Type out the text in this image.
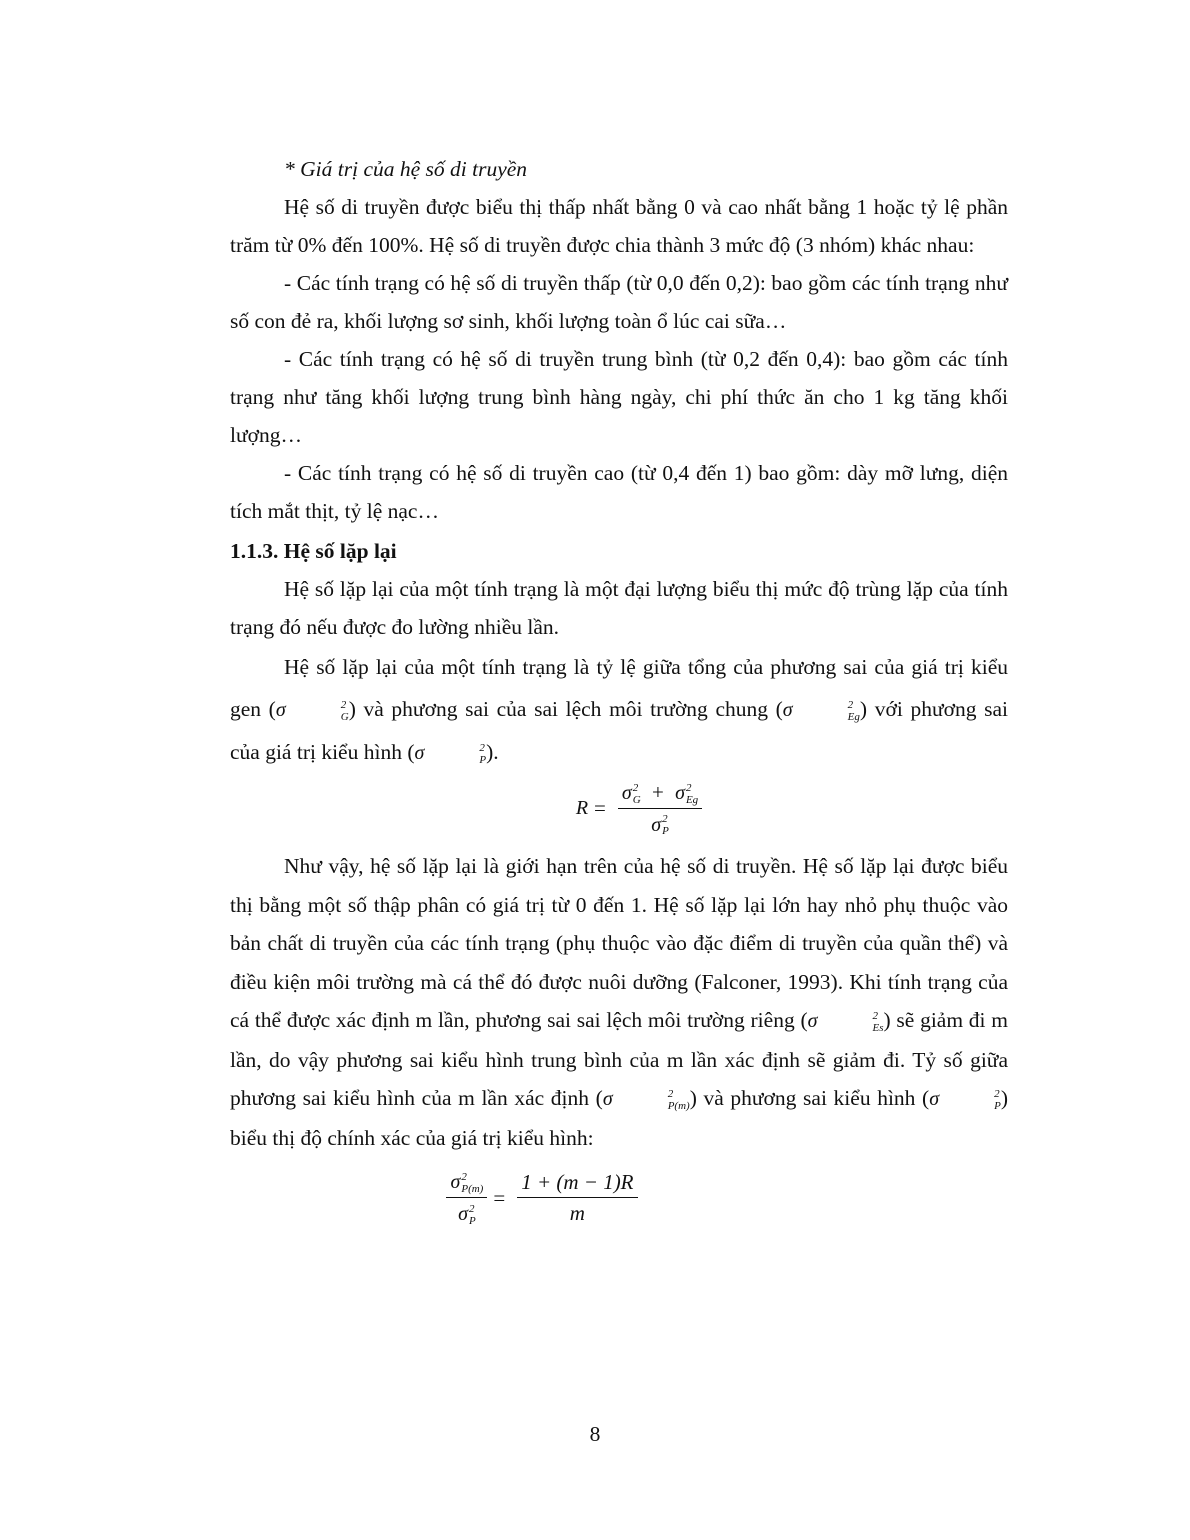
* Giá trị của hệ số di truyền

Hệ số di truyền được biểu thị thấp nhất bằng 0 và cao nhất bằng 1 hoặc tỷ lệ phần trăm từ 0% đến 100%. Hệ số di truyền được chia thành 3 mức độ (3 nhóm) khác nhau:

- Các tính trạng có hệ số di truyền thấp (từ 0,0 đến 0,2): bao gồm các tính trạng như số con đẻ ra, khối lượng sơ sinh, khối lượng toàn ổ lúc cai sữa…

- Các tính trạng có hệ số di truyền trung bình (từ 0,2 đến 0,4): bao gồm các tính trạng như tăng khối lượng trung bình hàng ngày, chi phí thức ăn cho 1 kg tăng khối lượng…

- Các tính trạng có hệ số di truyền cao (từ 0,4 đến 1) bao gồm: dày mỡ lưng, diện tích mắt thịt, tỷ lệ nạc…

1.1.3. Hệ số lặp lại

Hệ số lặp lại của một tính trạng là một đại lượng biểu thị mức độ trùng lặp của tính trạng đó nếu được đo lường nhiều lần.

Hệ số lặp lại của một tính trạng là tỷ lệ giữa tổng của phương sai của giá trị kiểu gen (σ	2
G ) và phương sai của sai lệch môi trường chung (σ	2
Eg ) với phương sai của giá trị kiểu hình (σ	2
P ).

R = σ 2
G + σ 2
Eg
σ 2
P

Như vậy, hệ số lặp lại là giới hạn trên của hệ số di truyền. Hệ số lặp lại được biểu thị bằng một số thập phân có giá trị từ 0 đến 1. Hệ số lặp lại lớn hay nhỏ phụ thuộc vào bản chất di truyền của các tính trạng (phụ thuộc vào đặc điểm di truyền của quần thể) và điều kiện môi trường mà cá thể đó được nuôi dưỡng (Falconer, 1993). Khi tính trạng của cá thể được xác định m lần, phương sai sai lệch môi trường riêng (σ	2
Es ) sẽ giảm đi m lần, do vậy phương sai kiểu hình trung bình của m lần xác định sẽ giảm đi. Tỷ số giữa phương sai kiểu hình của m lần xác định (σ	2
P(m) ) và phương sai kiểu hình (σ	2
P ) biểu thị độ chính xác của giá trị kiểu hình:

σ 2
P(m)
σ 2
$P = \frac{1 + (m - 1)R}{m}$
8
